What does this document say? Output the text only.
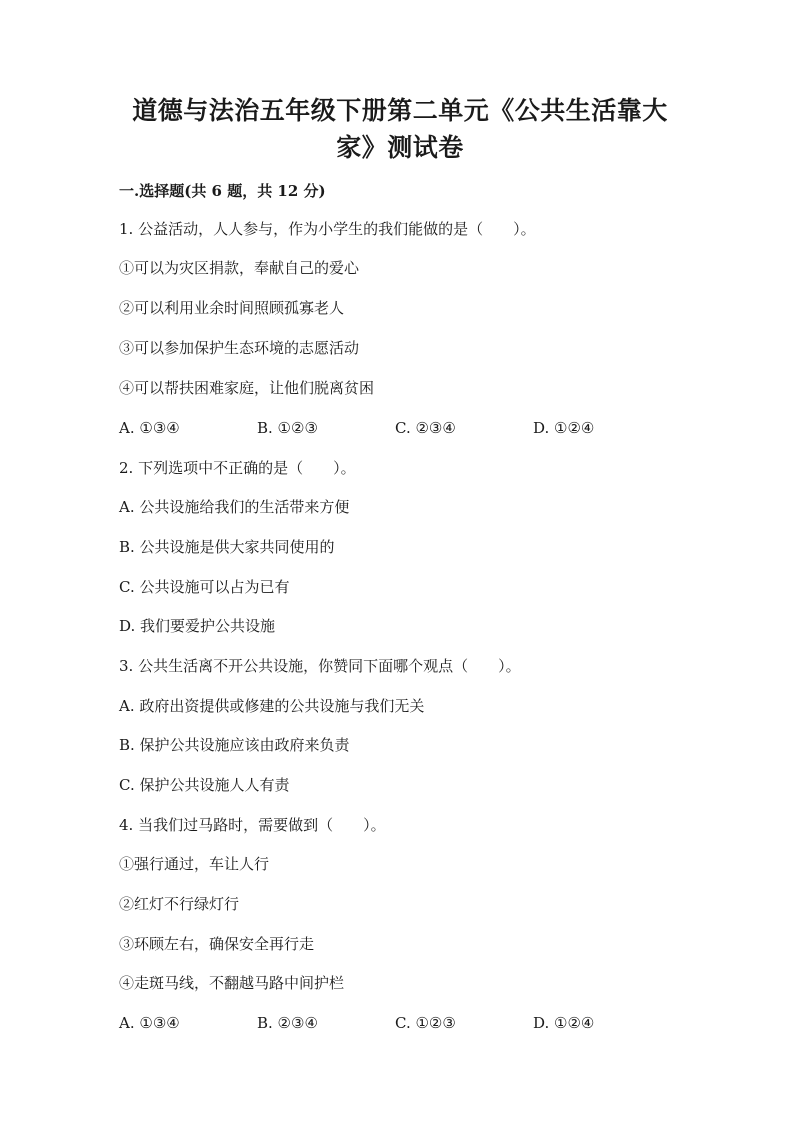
道德与法治五年级下册第二单元《公共生活靠大
家》测试卷
一.选择题(共 6 题，共 12 分)
1. 公益活动，人人参与，作为小学生的我们能做的是（　　）。
①可以为灾区捐款，奉献自己的爱心
②可以利用业余时间照顾孤寡老人
③可以参加保护生态环境的志愿活动
④可以帮扶困难家庭，让他们脱离贫困
A. ①③④	B. ①②③	C. ②③④	D. ①②④
2. 下列选项中不正确的是（　　）。
A. 公共设施给我们的生活带来方便
B. 公共设施是供大家共同使用的
C. 公共设施可以占为已有
D. 我们要爱护公共设施
3. 公共生活离不开公共设施，你赞同下面哪个观点（　　）。
A. 政府出资提供或修建的公共设施与我们无关
B. 保护公共设施应该由政府来负责
C. 保护公共设施人人有责
4. 当我们过马路时，需要做到（　　）。
①强行通过，车让人行
②红灯不行绿灯行
③环顾左右，确保安全再行走
④走斑马线，不翻越马路中间护栏
A. ①③④	B. ②③④	C. ①②③	D. ①②④
